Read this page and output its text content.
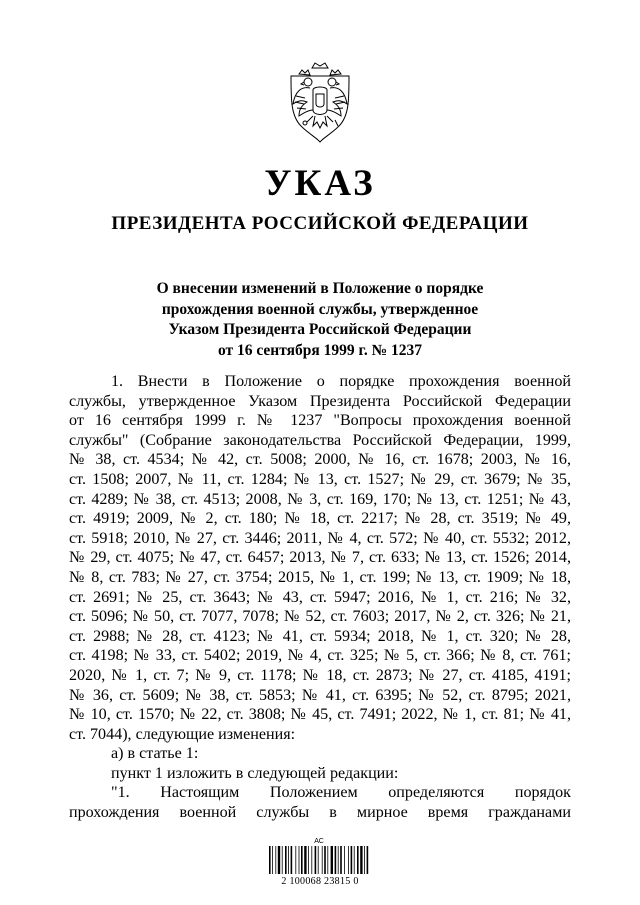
УКАЗ
ПРЕЗИДЕНТА РОССИЙСКОЙ ФЕДЕРАЦИИ
О внесении изменений в Положение о порядке
прохождения военной службы, утвержденное
Указом Президента Российской Федерации
от 16 сентября 1999 г. № 1237
1. Внести в Положение о порядке прохождения военной
службы, утвержденное Указом Президента Российской Федерации
от 16 сентября 1999 г. № 1237 "Вопросы прохождения военной
службы" (Собрание законодательства Российской Федерации, 1999,
№ 38, ст. 4534; № 42, ст. 5008; 2000, № 16, ст. 1678; 2003, № 16,
ст. 1508; 2007, № 11, ст. 1284; № 13, ст. 1527; № 29, ст. 3679; № 35,
ст. 4289; № 38, ст. 4513; 2008, № 3, ст. 169, 170; № 13, ст. 1251; № 43,
ст. 4919; 2009, № 2, ст. 180; № 18, ст. 2217; № 28, ст. 3519; № 49,
ст. 5918; 2010, № 27, ст. 3446; 2011, № 4, ст. 572; № 40, ст. 5532; 2012,
№ 29, ст. 4075; № 47, ст. 6457; 2013, № 7, ст. 633; № 13, ст. 1526; 2014,
№ 8, ст. 783; № 27, ст. 3754; 2015, № 1, ст. 199; № 13, ст. 1909; № 18,
ст. 2691; № 25, ст. 3643; № 43, ст. 5947; 2016, № 1, ст. 216; № 32,
ст. 5096; № 50, ст. 7077, 7078; № 52, ст. 7603; 2017, № 2, ст. 326; № 21,
ст. 2988; № 28, ст. 4123; № 41, ст. 5934; 2018, № 1, ст. 320; № 28,
ст. 4198; № 33, ст. 5402; 2019, № 4, ст. 325; № 5, ст. 366; № 8, ст. 761;
2020, № 1, ст. 7; № 9, ст. 1178; № 18, ст. 2873; № 27, ст. 4185, 4191;
№ 36, ст. 5609; № 38, ст. 5853; № 41, ст. 6395; № 52, ст. 8795; 2021,
№ 10, ст. 1570; № 22, ст. 3808; № 45, ст. 7491; 2022, № 1, ст. 81; № 41,
ст. 7044), следующие изменения:
а) в статье 1:
пункт 1 изложить в следующей редакции:
"1. Настоящим Положением определяются порядок
прохождения военной службы в мирное время гражданами
АС
2 100068 23815 0
